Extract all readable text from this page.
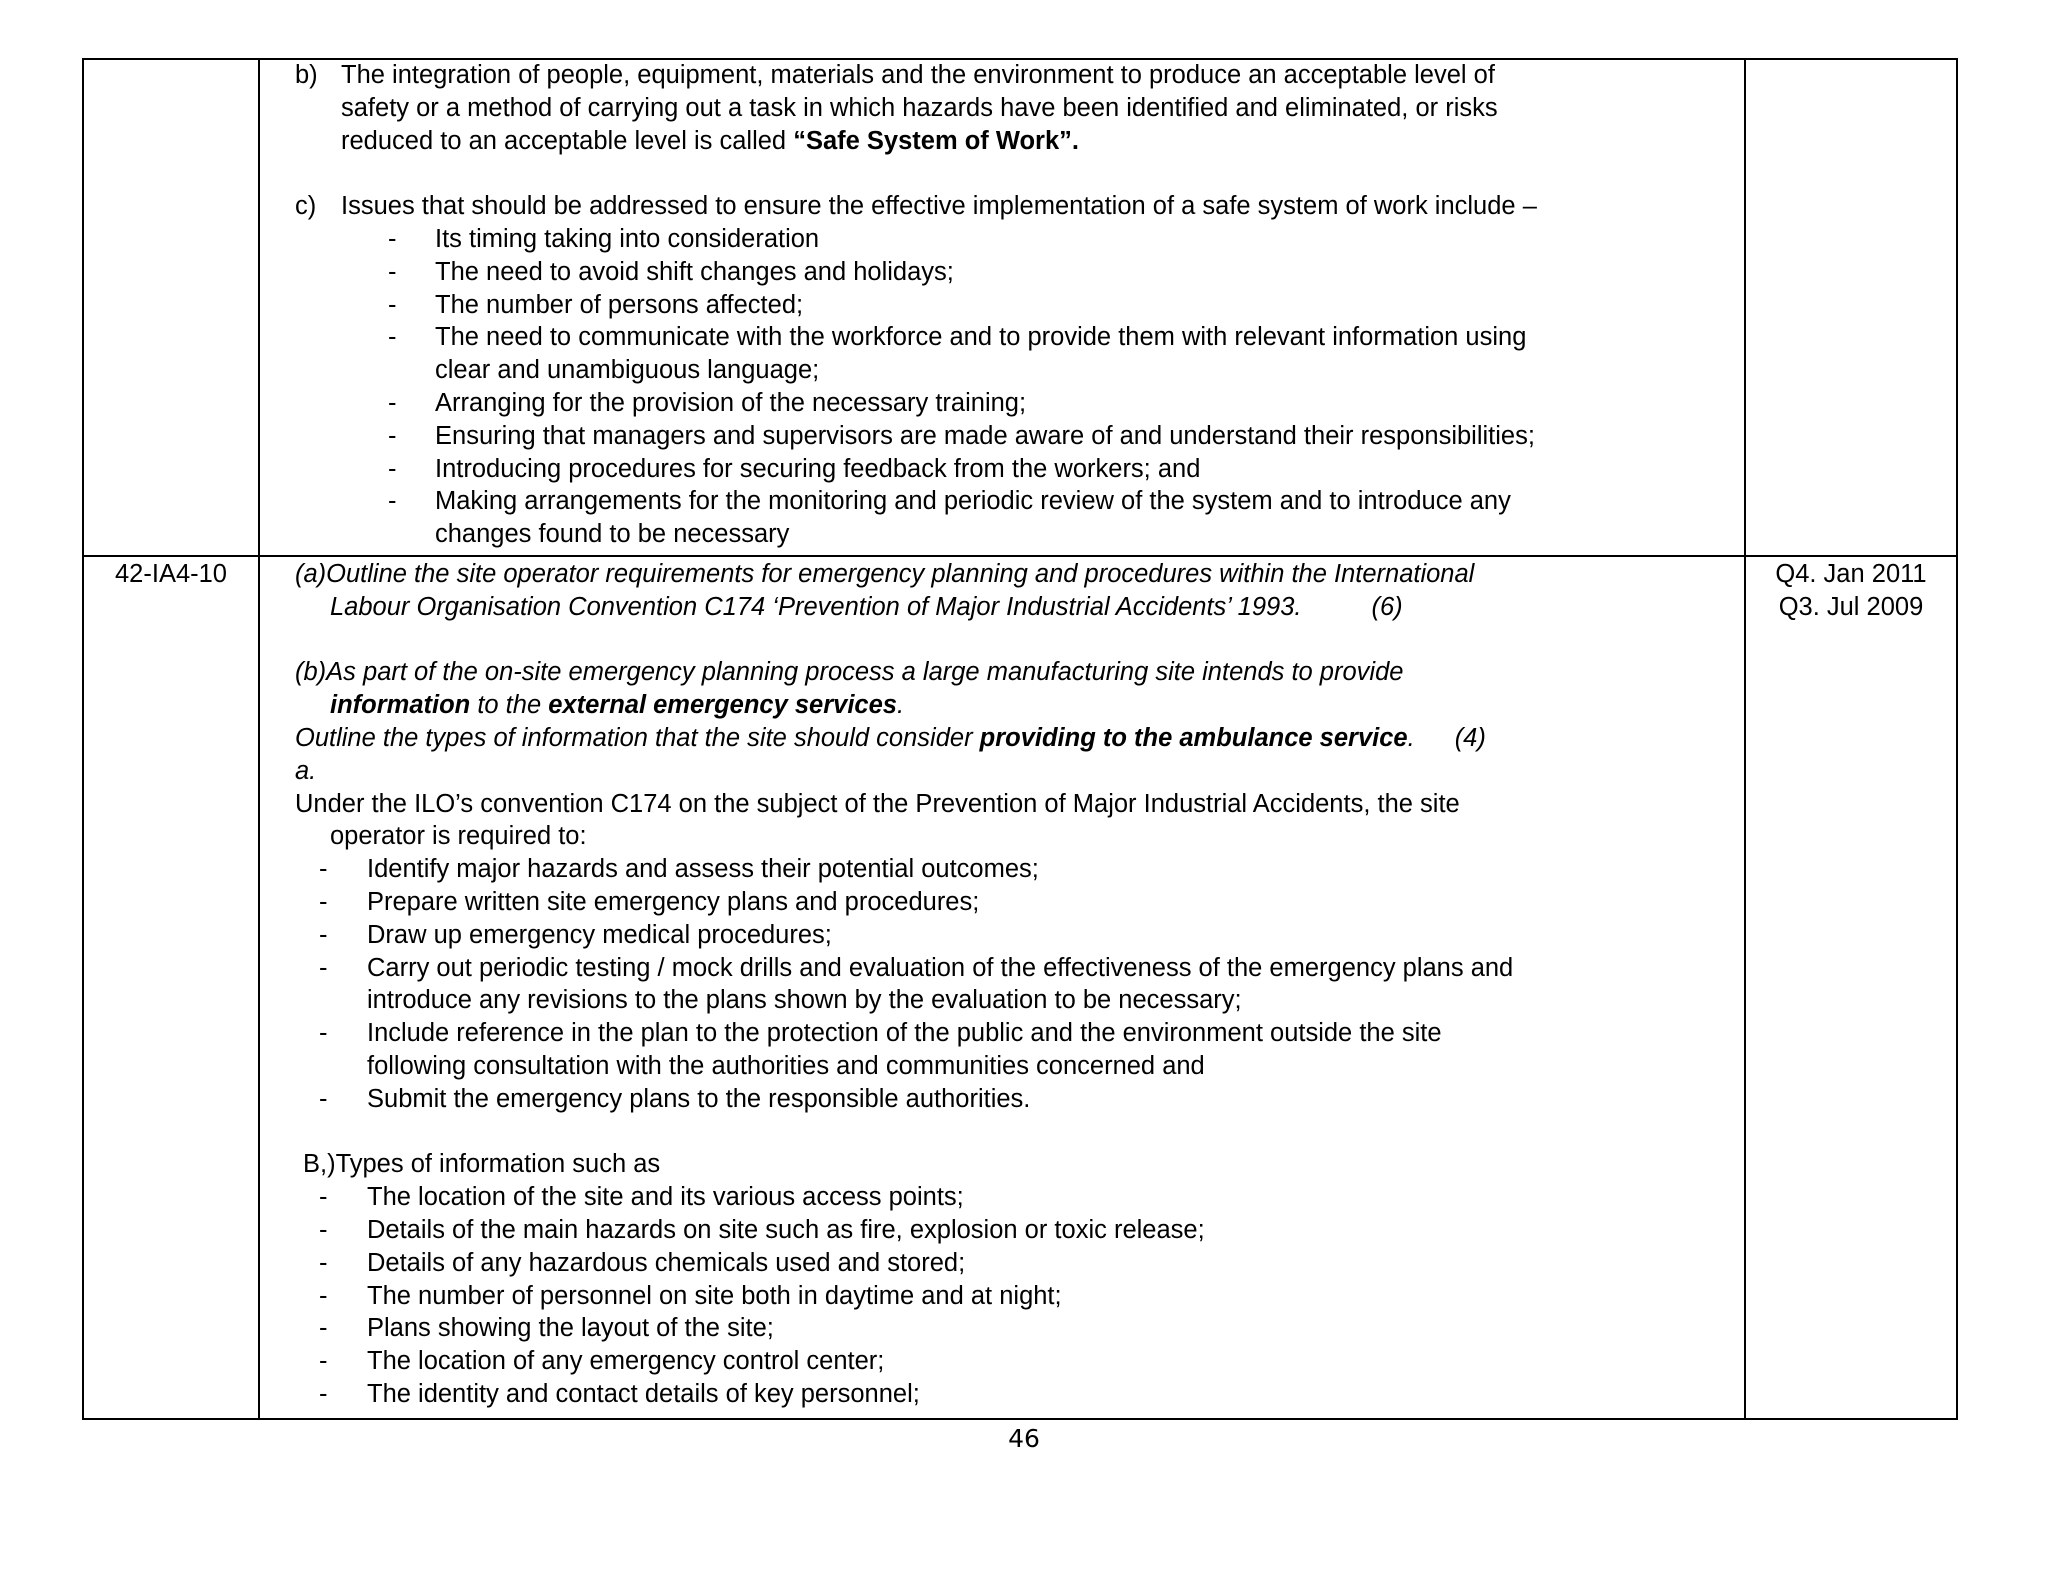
b) The integration of people, equipment, materials and the environment to produce an acceptable level of

safety or a method of carrying out a task in which hazards have been identified and eliminated, or risks

reduced to an acceptable level is called “Safe System of Work”.

c) Issues that should be addressed to ensure the effective implementation of a safe system of work include –

- Its timing taking into consideration

- The need to avoid shift changes and holidays;

- The number of persons affected;

- The need to communicate with the workforce and to provide them with relevant information using

clear and unambiguous language;

- Arranging for the provision of the necessary training;

- Ensuring that managers and supervisors are made aware of and understand their responsibilities;

- Introducing procedures for securing feedback from the workers; and

- Making arrangements for the monitoring and periodic review of the system and to introduce any

changes found to be necessary

42-IA4-10	Q4. Jan 2011

Q3. Jul 2009

(a)Outline the site operator requirements for emergency planning and procedures within the International

Labour Organisation Convention C174 ‘Prevention of Major Industrial Accidents’ 1993.	(6)

(b)As part of the on-site emergency planning process a large manufacturing site intends to provide

information to the external emergency services.

Outline the types of information that the site should consider providing to the ambulance service. (4)

a.

Under the ILO’s convention C174 on the subject of the Prevention of Major Industrial Accidents, the site

operator is required to:

- Identify major hazards and assess their potential outcomes;

- Prepare written site emergency plans and procedures;

- Draw up emergency medical procedures;

- Carry out periodic testing / mock drills and evaluation of the effectiveness of the emergency plans and

introduce any revisions to the plans shown by the evaluation to be necessary;

- Include reference in the plan to the protection of the public and the environment outside the site

following consultation with the authorities and communities concerned and

- Submit the emergency plans to the responsible authorities.

B,)Types of information such as

- The location of the site and its various access points;

- Details of the main hazards on site such as fire, explosion or toxic release;

- Details of any hazardous chemicals used and stored;

- The number of personnel on site both in daytime and at night;

- Plans showing the layout of the site;

- The location of any emergency control center;

- The identity and contact details of key personnel;

46
